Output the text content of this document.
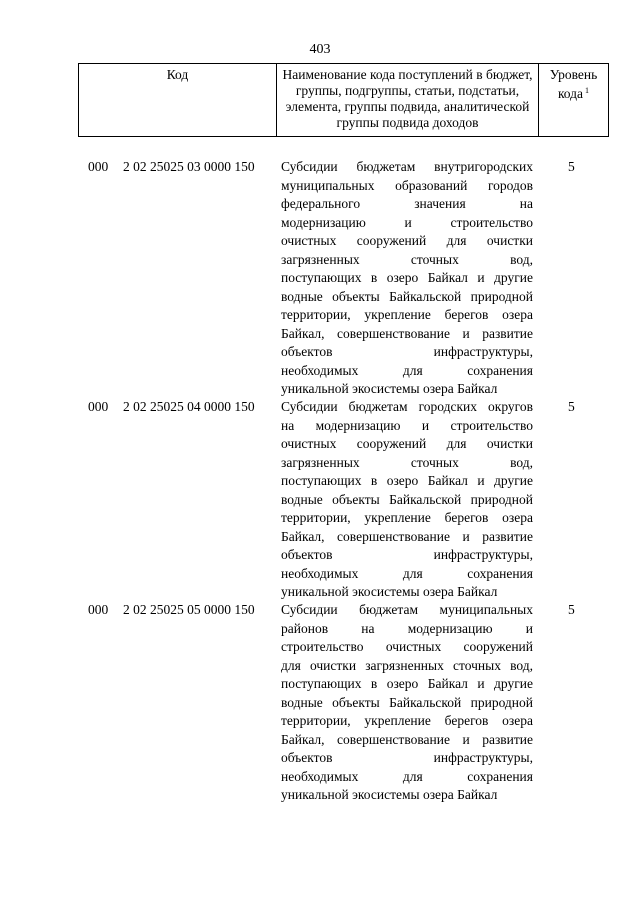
403
Код	Наименование кода поступлений в бюджет, группы, подгруппы, статьи, подстатьи, элемента, группы подвида, аналитической группы подвида доходов
Уровень кода $^1$
000 2 02 25025 03 0000 150 Субсидии бюджетам внутригородских
муниципальных образований городов
федерального значения на
модернизацию и строительство
очистных сооружений для очистки
загрязненных сточных вод,
поступающих в озеро Байкал и другие
водные объекты Байкальской природной
территории, укрепление берегов озера
Байкал, совершенствование и развитие
объектов инфраструктуры,
необходимых для сохранения
уникальной экосистемы озера Байкал
5
000 2 02 25025 04 0000 150 Субсидии бюджетам городских округов
на модернизацию и строительство
очистных сооружений для очистки
загрязненных сточных вод,
поступающих в озеро Байкал и другие
водные объекты Байкальской природной
территории, укрепление берегов озера
Байкал, совершенствование и развитие
объектов инфраструктуры,
необходимых для сохранения
уникальной экосистемы озера Байкал
5
000 2 02 25025 05 0000 150 Субсидии бюджетам муниципальных
районов на модернизацию и
строительство очистных сооружений
для очистки загрязненных сточных вод,
поступающих в озеро Байкал и другие
водные объекты Байкальской природной
территории, укрепление берегов озера
Байкал, совершенствование и развитие
объектов инфраструктуры,
необходимых для сохранения
уникальной экосистемы озера Байкал
5
